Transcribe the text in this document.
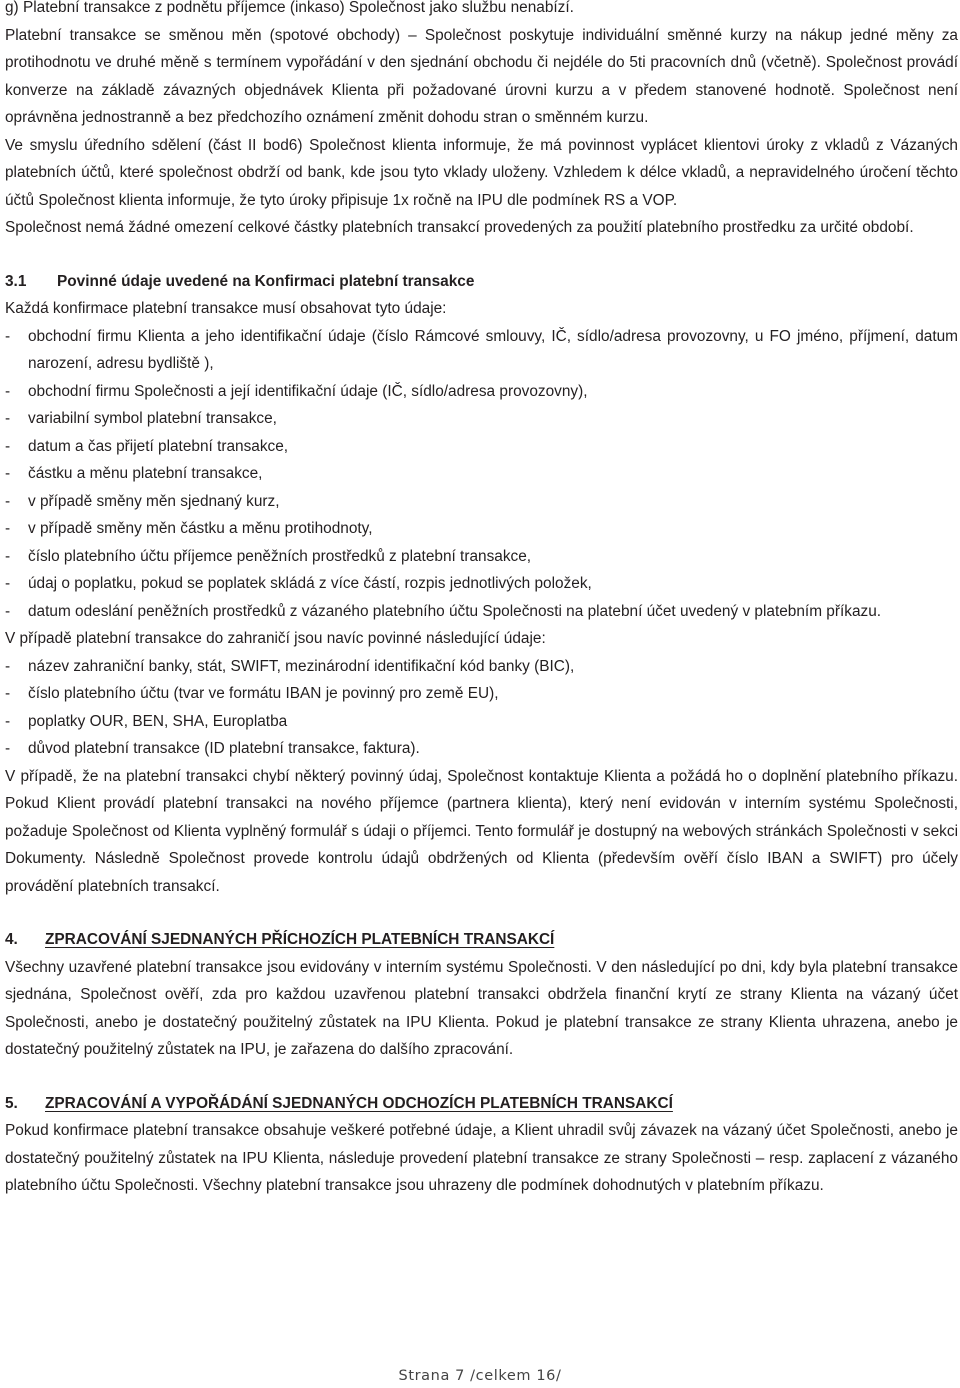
g) Platební transakce z podnětu příjemce (inkaso) Společnost jako službu nenabízí.

Platební transakce se směnou měn (spotové obchody) – Společnost poskytuje individuální směnné kurzy na nákup jedné měny za protihodnotu ve druhé měně s termínem vypořádání v den sjednání obchodu či nejdéle do 5ti pracovních dnů (včetně). Společnost provádí konverze na základě závazných objednávek Klienta při požadované úrovni kurzu a v předem stanovené hodnotě. Společnost není oprávněna jednostranně a bez předchozího oznámení změnit dohodu stran o směnném kurzu.

Ve smyslu úředního sdělení (část II bod6) Společnost klienta informuje, že má povinnost vyplácet klientovi úroky z vkladů z Vázaných platebních účtů, které společnost obdrží od bank, kde jsou tyto vklady uloženy. Vzhledem k délce vkladů, a nepravidelného úročení těchto účtů Společnost klienta informuje, že tyto úroky připisuje 1x ročně na IPU dle podmínek RS a VOP.

Společnost nemá žádné omezení celkové částky platebních transakcí provedených za použití platebního prostředku za určité období.

3.1 Povinné údaje uvedené na Konfirmaci platební transakce

Každá konfirmace platební transakce musí obsahovat tyto údaje:

- obchodní firmu Klienta a jeho identifikační údaje (číslo Rámcové smlouvy, IČ, sídlo/adresa provozovny, u FO jméno, příjmení, datum narození, adresu bydliště ),
- obchodní firmu Společnosti a její identifikační údaje (IČ, sídlo/adresa provozovny),
- variabilní symbol platební transakce,
- datum a čas přijetí platební transakce,
- částku a měnu platební transakce,
- v případě směny měn sjednaný kurz,
- v případě směny měn částku a měnu protihodnoty,
- číslo platebního účtu příjemce peněžních prostředků z platební transakce,
- údaj o poplatku, pokud se poplatek skládá z více částí, rozpis jednotlivých položek,
- datum odeslání peněžních prostředků z vázaného platebního účtu Společnosti na platební účet uvedený v platebním příkazu.

V případě platební transakce do zahraničí jsou navíc povinné následující údaje:

- název zahraniční banky, stát, SWIFT, mezinárodní identifikační kód banky (BIC),
- číslo platebního účtu (tvar ve formátu IBAN je povinný pro země EU),
- poplatky OUR, BEN, SHA, Europlatba
- důvod platební transakce (ID platební transakce, faktura).

V případě, že na platební transakci chybí některý povinný údaj, Společnost kontaktuje Klienta a požádá ho o doplnění platebního příkazu. Pokud Klient provádí platební transakci na nového příjemce (partnera klienta), který není evidován v interním systému Společnosti, požaduje Společnost od Klienta vyplněný formulář s údaji o příjemci. Tento formulář je dostupný na webových stránkách Společnosti v sekci Dokumenty. Následně Společnost provede kontrolu údajů obdržených od Klienta (především ověří číslo IBAN a SWIFT) pro účely provádění platebních transakcí.

4. ZPRACOVÁNÍ SJEDNANÝCH PŘÍCHOZÍCH PLATEBNÍCH TRANSAKCÍ

Všechny uzavřené platební transakce jsou evidovány v interním systému Společnosti. V den následující po dni, kdy byla platební transakce sjednána, Společnost ověří, zda pro každou uzavřenou platební transakci obdržela finanční krytí ze strany Klienta na vázaný účet Společnosti, anebo je dostatečný použitelný zůstatek na IPU Klienta. Pokud je platební transakce ze strany Klienta uhrazena, anebo je dostatečný použitelný zůstatek na IPU, je zařazena do dalšího zpracování.

5. ZPRACOVÁNÍ A VYPOŘÁDÁNÍ SJEDNANÝCH ODCHOZÍCH PLATEBNÍCH TRANSAKCÍ

Pokud konfirmace platební transakce obsahuje veškeré potřebné údaje, a Klient uhradil svůj závazek na vázaný účet Společnosti, anebo je dostatečný použitelný zůstatek na IPU Klienta, následuje provedení platební transakce ze strany Společnosti – resp. zaplacení z vázaného platebního účtu Společnosti. Všechny platební transakce jsou uhrazeny dle podmínek dohodnutých v platebním příkazu.

Strana 7 /celkem 16/
